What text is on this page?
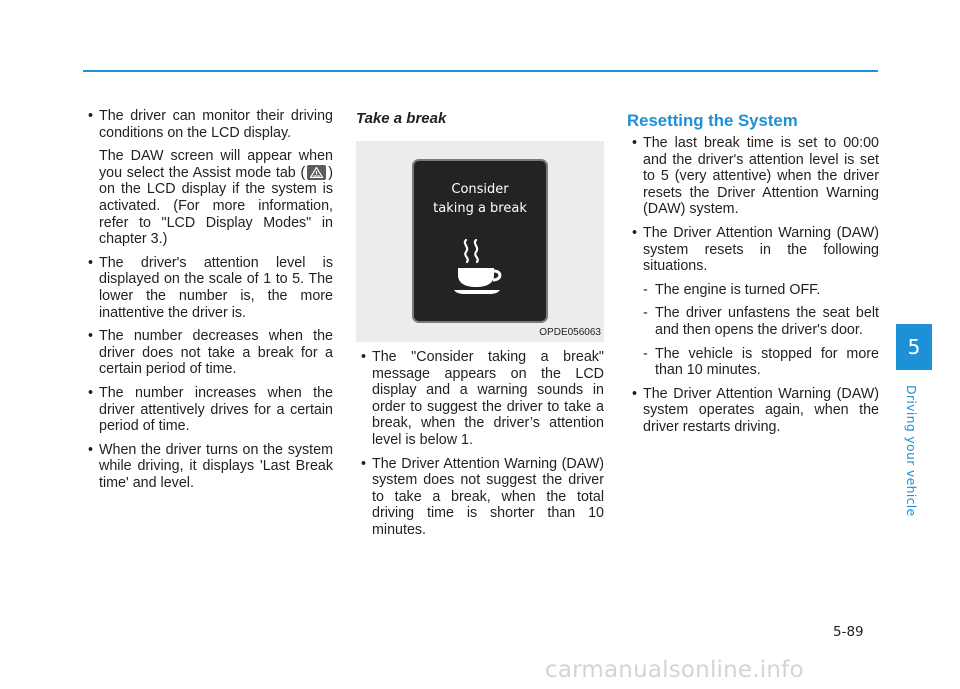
• The driver can monitor their driving conditions on the LCD display.

The DAW screen will appear when you select the Assist mode tab ( ) on the LCD display if the system is activated. (For more information, refer to "LCD Display Modes" in chapter 3.)

• The driver's attention level is displayed on the scale of 1 to 5. The lower the number is, the more inattentive the driver is.

• The number decreases when the driver does not take a break for a certain period of time.

• The number increases when the driver attentively drives for a certain period of time.

• When the driver turns on the system while driving, it displays 'Last Break time' and level.

Take a break
Consider
taking a break
OPDE056063

• The "Consider taking a break" message appears on the LCD display and a warning sounds in order to suggest the driver to take a break, when the driver’s attention level is below 1.

• The Driver Attention Warning (DAW) system does not suggest the driver to take a break, when the total driving time is shorter than 10 minutes.

Resetting the System

• The last break time is set to 00:00 and the driver's attention level is set to 5 (very attentive) when the driver resets the Driver Attention Warning (DAW) system.

• The Driver Attention Warning (DAW) system resets in the following situations.

- The engine is turned OFF.

- The driver unfastens the seat belt and then opens the driver's door.

- The vehicle is stopped for more than 10 minutes.

• The Driver Attention Warning (DAW) system operates again, when the driver restarts driving.

5
Driving your vehicle
5-89
carmanualsonline.info
